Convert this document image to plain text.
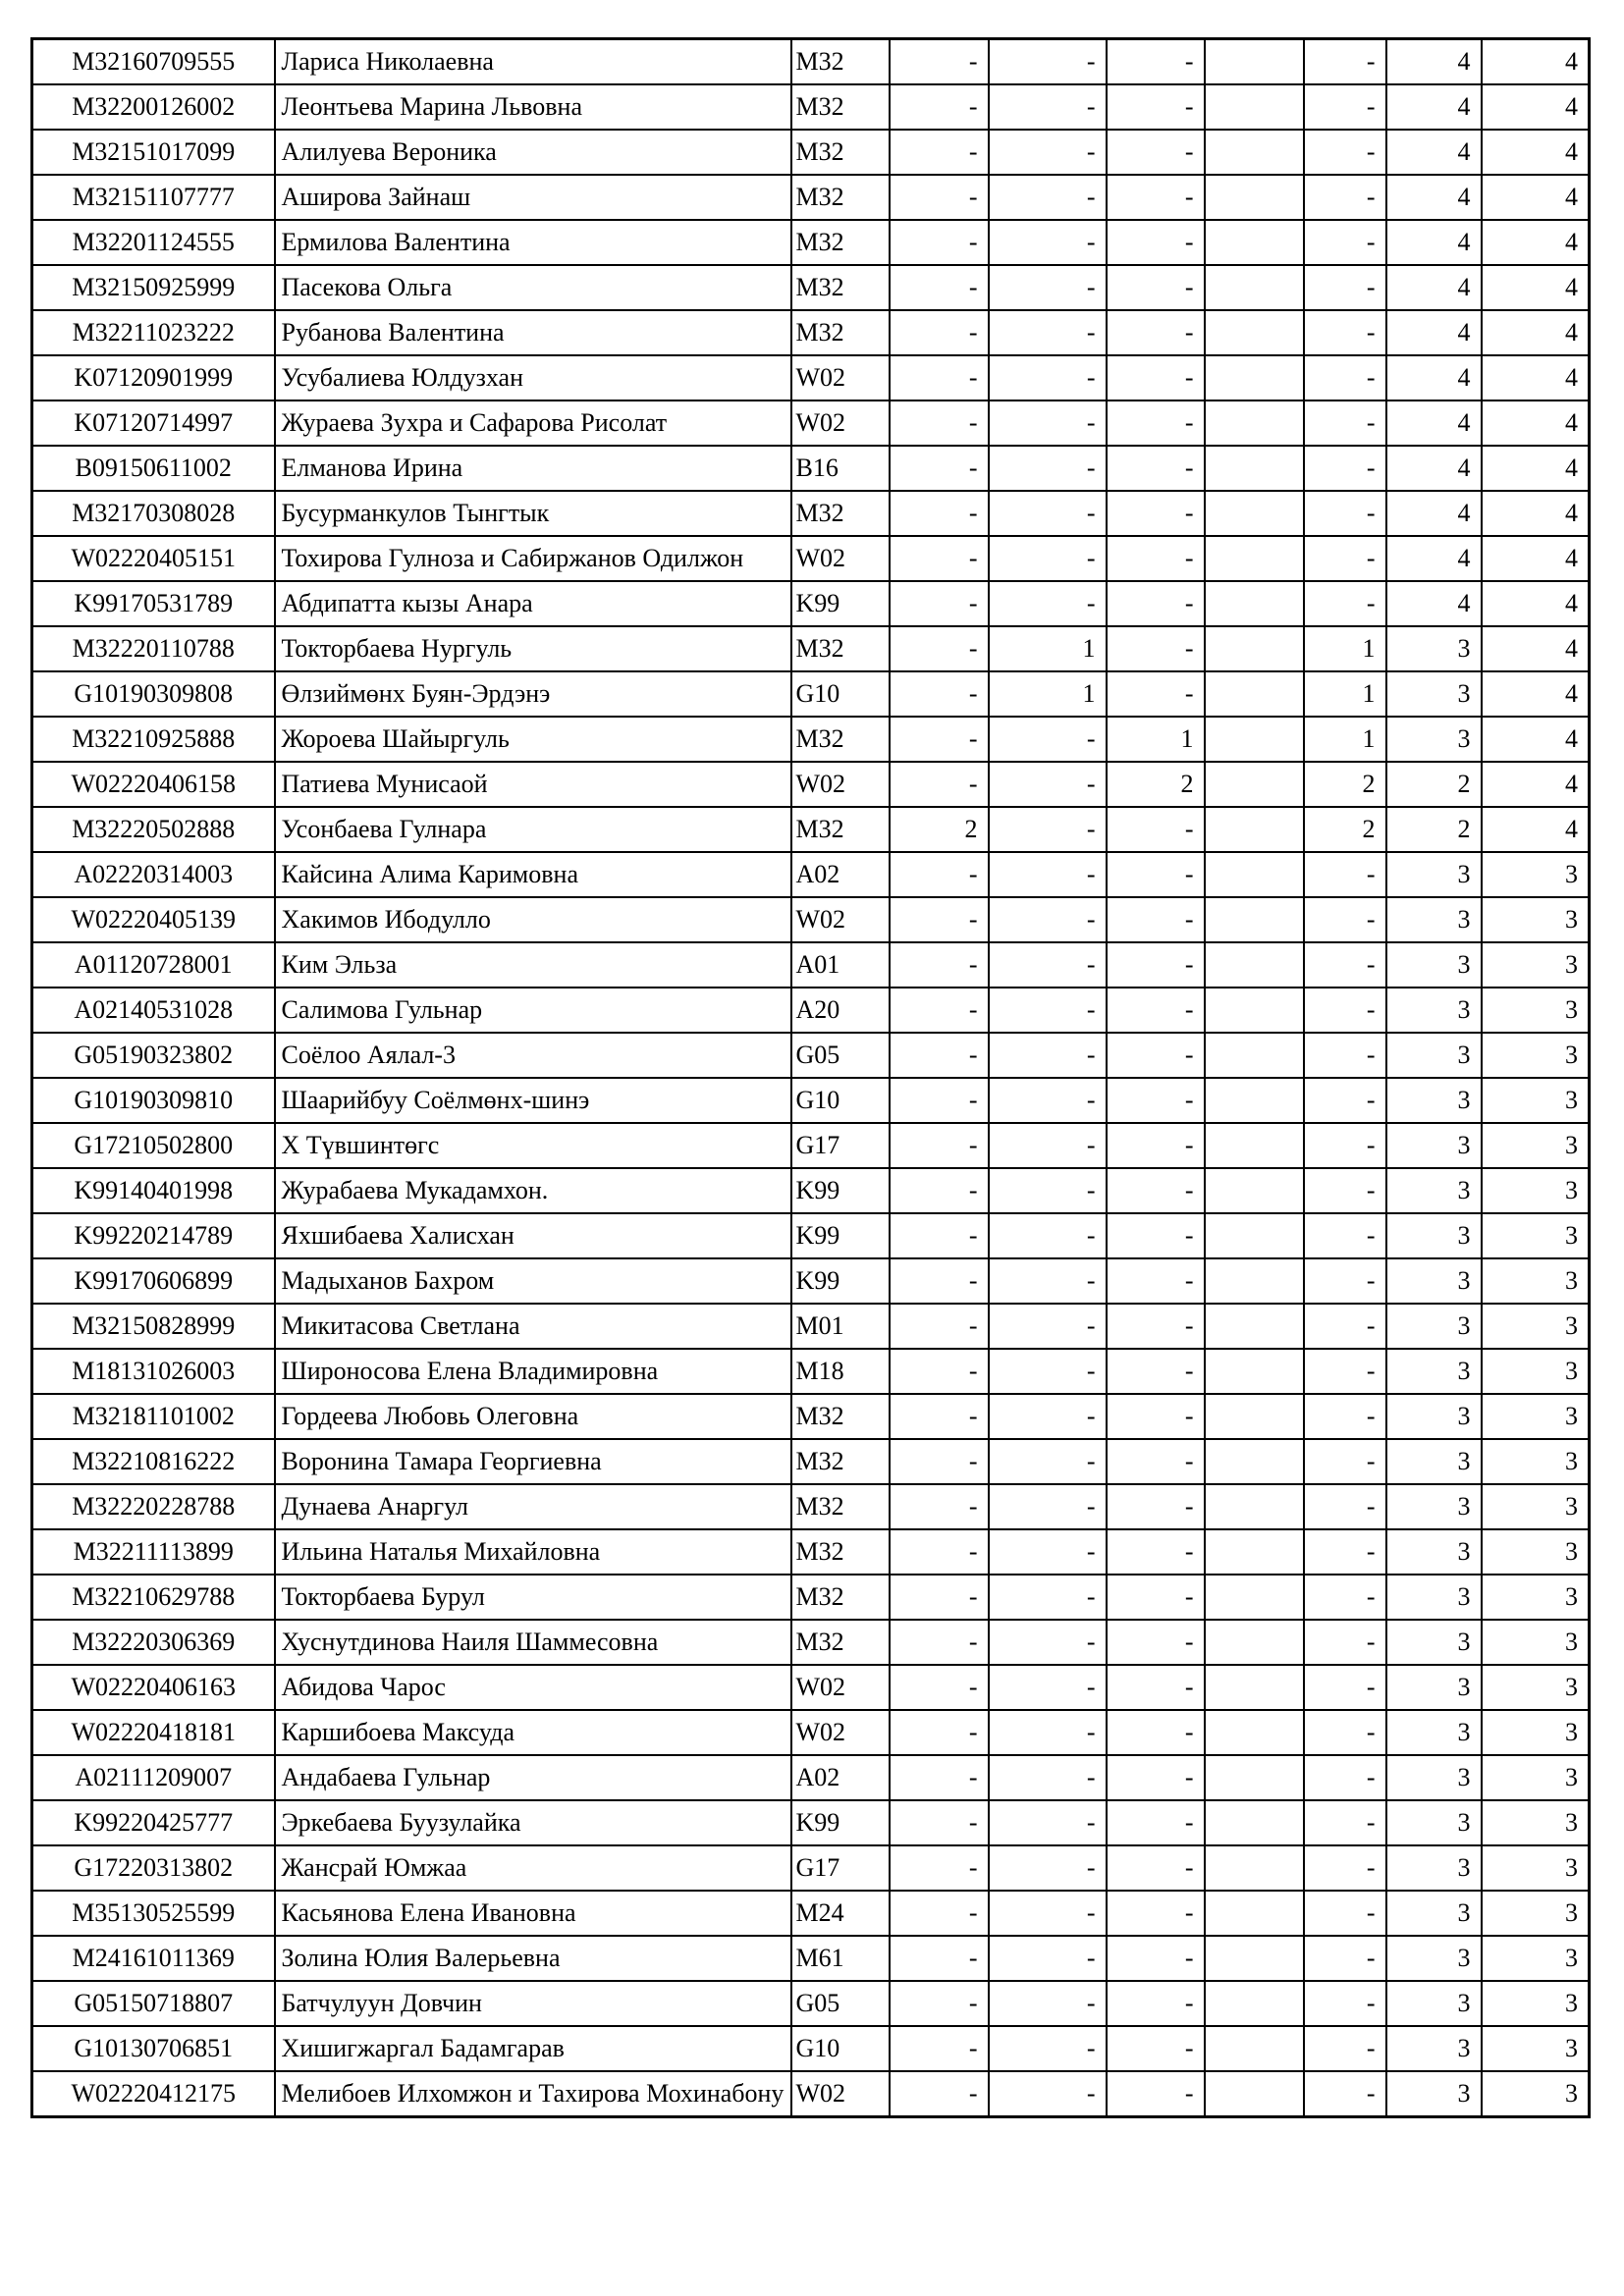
M32160709555	Лариса Николаевна	M32	-	-	-		-	4	4
M32200126002	Леонтьева Марина Львовна	M32	-	-	-		-	4	4
M32151017099	Алилуева Вероника	M32	-	-	-		-	4	4
M32151107777	Аширова Зайнаш	M32	-	-	-		-	4	4
M32201124555	Ермилова Валентина	M32	-	-	-		-	4	4
M32150925999	Пасекова Ольга	M32	-	-	-		-	4	4
M32211023222	Рубанова Валентина	M32	-	-	-		-	4	4
K07120901999	Усубалиева Юлдузхан	W02	-	-	-		-	4	4
K07120714997	Жураева Зухра и Сафарова Рисолат	W02	-	-	-		-	4	4
B09150611002	Елманова Ирина	B16	-	-	-		-	4	4
M32170308028	Бусурманкулов Тынгтык	M32	-	-	-		-	4	4
W02220405151	Тохирова Гулноза и Сабиржанов Одилжон	W02	-	-	-		-	4	4
K99170531789	Абдипатта кызы Анара	K99	-	-	-		-	4	4
M32220110788	Токторбаева Нургуль	M32	-	1	-		1	3	4
G10190309808	Өлзиймөнх Буян-Эрдэнэ	G10	-	1	-		1	3	4
M32210925888	Жороева Шайыргуль	M32	-	-	1		1	3	4
W02220406158	Патиева Мунисаой	W02	-	-	2		2	2	4
M32220502888	Усонбаева Гулнара	M32	2	-	-		2	2	4
A02220314003	Кайсина Алима Каримовна	A02	-	-	-		-	3	3
W02220405139	Хакимов Ибодулло	W02	-	-	-		-	3	3
A01120728001	Ким Эльза	A01	-	-	-		-	3	3
A02140531028	Салимова Гульнар	A20	-	-	-		-	3	3
G05190323802	Соёлоо Аялал-3	G05	-	-	-		-	3	3
G10190309810	Шаарийбуу Соёлмөнх-шинэ	G10	-	-	-		-	3	3
G17210502800	Х Түвшинтөгс	G17	-	-	-		-	3	3
K99140401998	Журабаева Мукадамхон.	K99	-	-	-		-	3	3
K99220214789	Яхшибаева Халисхан	K99	-	-	-		-	3	3
K99170606899	Мадыханов Бахром	K99	-	-	-		-	3	3
M32150828999	Микитасова Светлана	M01	-	-	-		-	3	3
M18131026003	Широносова Елена Владимировна	M18	-	-	-		-	3	3
M32181101002	Гордеева Любовь Олеговна	M32	-	-	-		-	3	3
M32210816222	Воронина Тамара Георгиевна	M32	-	-	-		-	3	3
M32220228788	Дунаева Анаргул	M32	-	-	-		-	3	3
M32211113899	Ильина Наталья Михайловна	M32	-	-	-		-	3	3
M32210629788	Токторбаева Бурул	M32	-	-	-		-	3	3
M32220306369	Хуснутдинова Наиля Шаммесовна	M32	-	-	-		-	3	3
W02220406163	Абидова Чарос	W02	-	-	-		-	3	3
W02220418181	Каршибоева Максуда	W02	-	-	-		-	3	3
A02111209007	Андабаева Гульнар	A02	-	-	-		-	3	3
K99220425777	Эркебаева Буузулайка	K99	-	-	-		-	3	3
G17220313802	Жансрай Юмжаа	G17	-	-	-		-	3	3
M35130525599	Касьянова Елена Ивановна	M24	-	-	-		-	3	3
M24161011369	Золина Юлия Валерьевна	M61	-	-	-		-	3	3
G05150718807	Батчулуун Довчин	G05	-	-	-		-	3	3
G10130706851	Хишигжаргал Бадамгарав	G10	-	-	-		-	3	3
W02220412175	Мелибоев Илхомжон и Тахирова Мохинабону	W02	-	-	-		-	3	3
